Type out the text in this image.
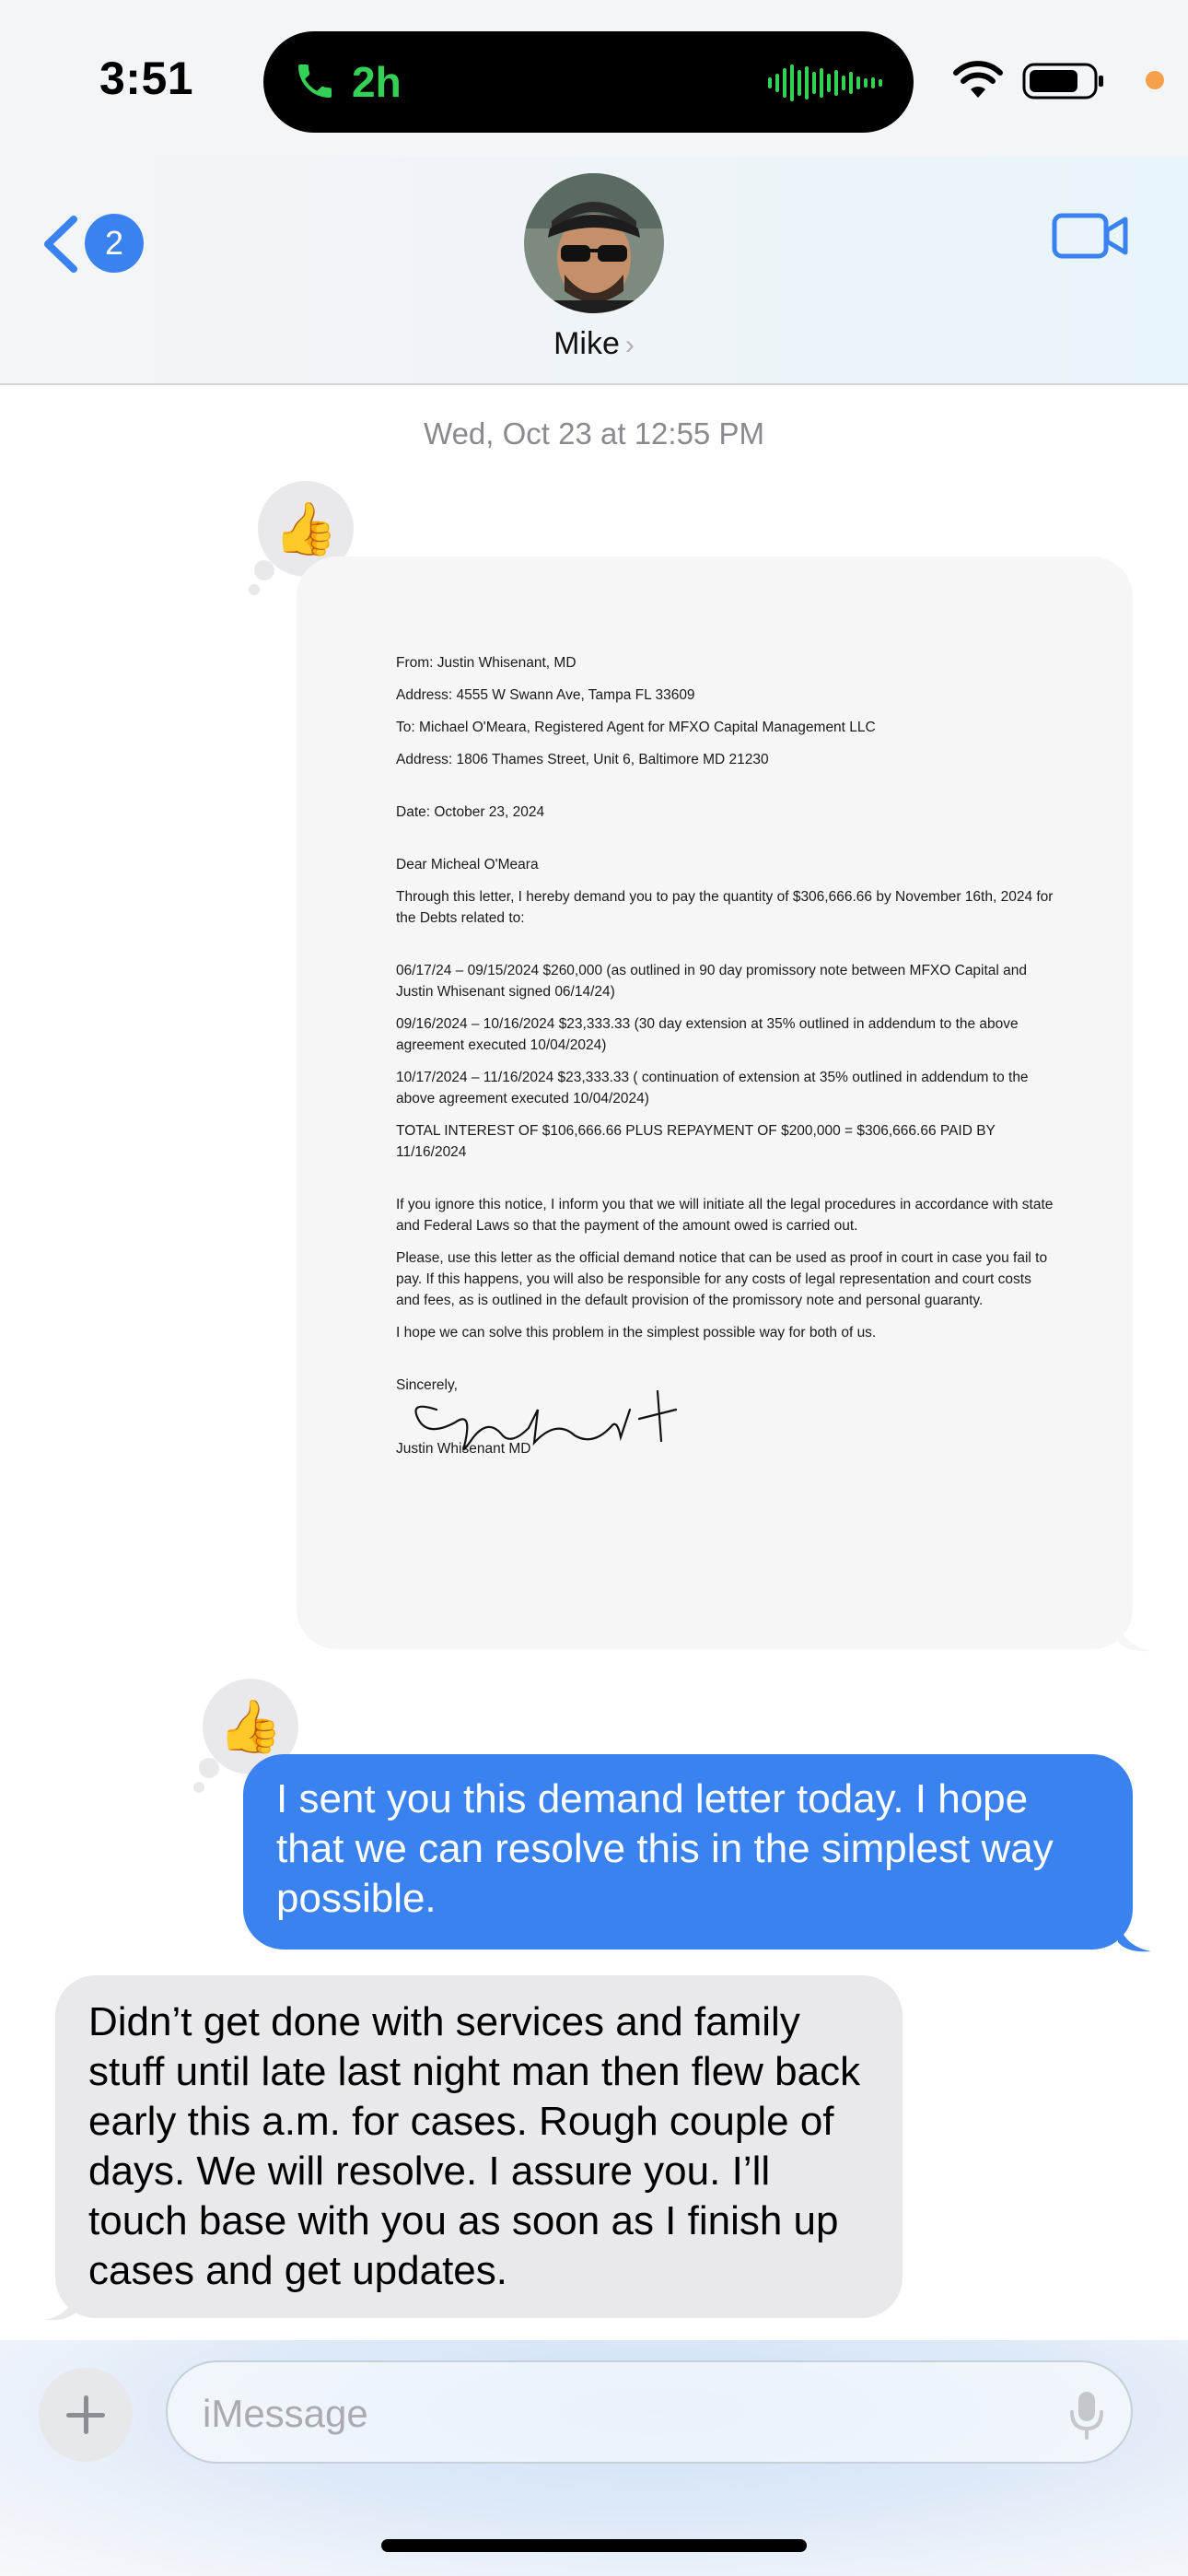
3:51	2h
2
Mike ›
Wed, Oct 23 at 12:55 PM
👍

From: Justin Whisenant, MD

Address: 4555 W Swann Ave, Tampa FL 33609

To: Michael O'Meara, Registered Agent for MFXO Capital Management LLC

Address: 1806 Thames Street, Unit 6, Baltimore MD 21230

Date: October 23, 2024

Dear Micheal O'Meara

Through this letter, I hereby demand you to pay the quantity of $306,666.66 by November 16th, 2024 for the Debts related to:

06/17/24 – 09/15/2024 $260,000 (as outlined in 90 day promissory note between MFXO Capital and Justin Whisenant signed 06/14/24)

09/16/2024 – 10/16/2024 $23,333.33 (30 day extension at 35% outlined in addendum to the above agreement executed 10/04/2024)

10/17/2024 – 11/16/2024 $23,333.33 ( continuation of extension at 35% outlined in addendum to the above agreement executed 10/04/2024)

TOTAL INTEREST OF $106,666.66 PLUS REPAYMENT OF $200,000 = $306,666.66 PAID BY 11/16/2024

If you ignore this notice, I inform you that we will initiate all the legal procedures in accordance with state and Federal Laws so that the payment of the amount owed is carried out.

Please, use this letter as the official demand notice that can be used as proof in court in case you fail to pay. If this happens, you will also be responsible for any costs of legal representation and court costs and fees, as is outlined in the default provision of the promissory note and personal guaranty.

I hope we can solve this problem in the simplest possible way for both of us.

Sincerely,

Justin Whisenant MD

👍
I sent you this demand letter today. I hope that we can resolve this in the simplest way possible.
Didn’t get done with services and family stuff until late last night man then flew back early this a.m. for cases. Rough couple of days. We will resolve. I assure you. I’ll touch base with you as soon as I finish up cases and get updates.
iMessage
